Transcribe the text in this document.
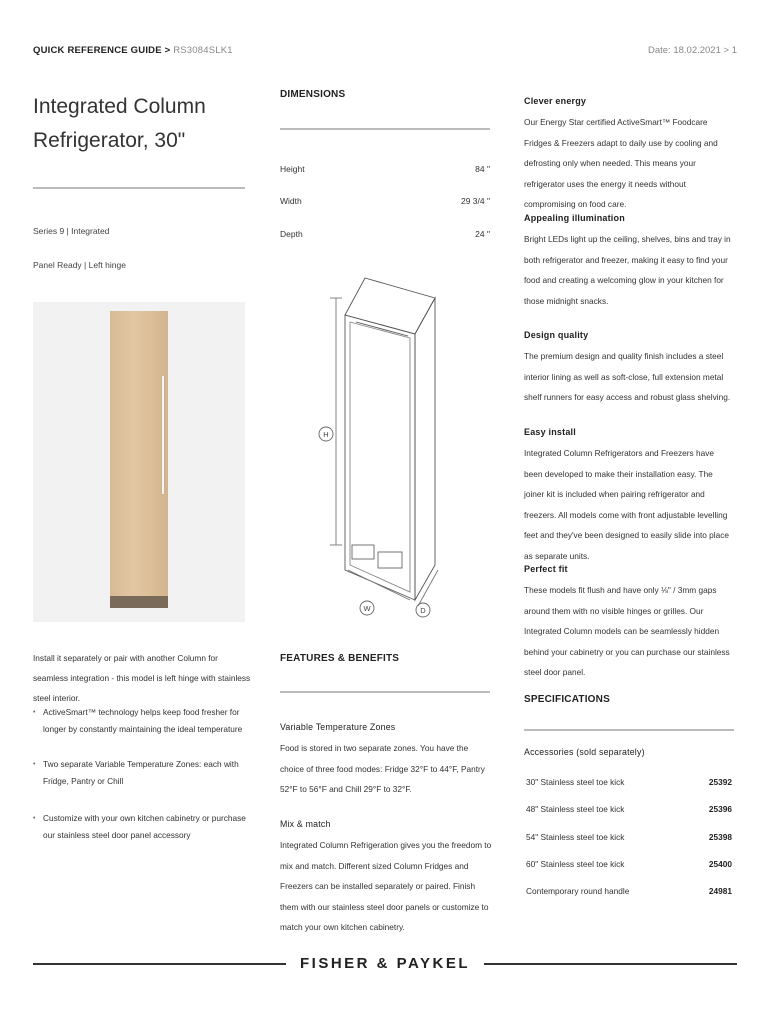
QUICK REFERENCE GUIDE > RS3084SLK1	Date: 18.02.2021 > 1
Integrated Column
Refrigerator, 30"
Series 9 | Integrated
Panel Ready | Left hinge
Install it separately or pair with another Column for seamless integration - this model is left hinge with stainless steel interior.
• ActiveSmart™ technology helps keep food fresher for longer by constantly maintaining the ideal temperature
• Two separate Variable Temperature Zones: each with Fridge, Pantry or Chill
• Customize with your own kitchen cabinetry or purchase our stainless steel door panel accessory
DIMENSIONS
Height	84 "
Width	29 3/4 "
Depth	24 "
H
W	D
FEATURES & BENEFITS
Variable Temperature Zones
Food is stored in two separate zones. You have the choice of three food modes: Fridge 32°F to 44°F, Pantry 52°F to 56°F and Chill 29°F to 32°F.
Mix & match
Integrated Column Refrigeration gives you the freedom to mix and match. Different sized Column Fridges and Freezers can be installed separately or paired. Finish them with our stainless steel door panels or customize to match your own kitchen cabinetry.
Clever energy
Our Energy Star certified ActiveSmart™ Foodcare Fridges & Freezers adapt to daily use by cooling and defrosting only when needed. This means your refrigerator uses the energy it needs without compromising on food care.
Appealing illumination
Bright LEDs light up the ceiling, shelves, bins and tray in both refrigerator and freezer, making it easy to find your food and creating a welcoming glow in your kitchen for those midnight snacks.
Design quality
The premium design and quality finish includes a steel interior lining as well as soft-close, full extension metal shelf runners for easy access and robust glass shelving.
Easy install
Integrated Column Refrigerators and Freezers have been developed to make their installation easy. The joiner kit is included when pairing refrigerator and freezers. All models come with front adjustable levelling feet and they've been designed to easily slide into place as separate units.
Perfect fit
These models fit flush and have only ⅛" / 3mm gaps around them with no visible hinges or grilles. Our Integrated Column models can be seamlessly hidden behind your cabinetry or you can purchase our stainless steel door panel.
SPECIFICATIONS
Accessories (sold separately)
30" Stainless steel toe kick	25392
48" Stainless steel toe kick	25396
54" Stainless steel toe kick	25398
60" Stainless steel toe kick	25400
Contemporary round handle	24981
FISHER & PAYKEL
